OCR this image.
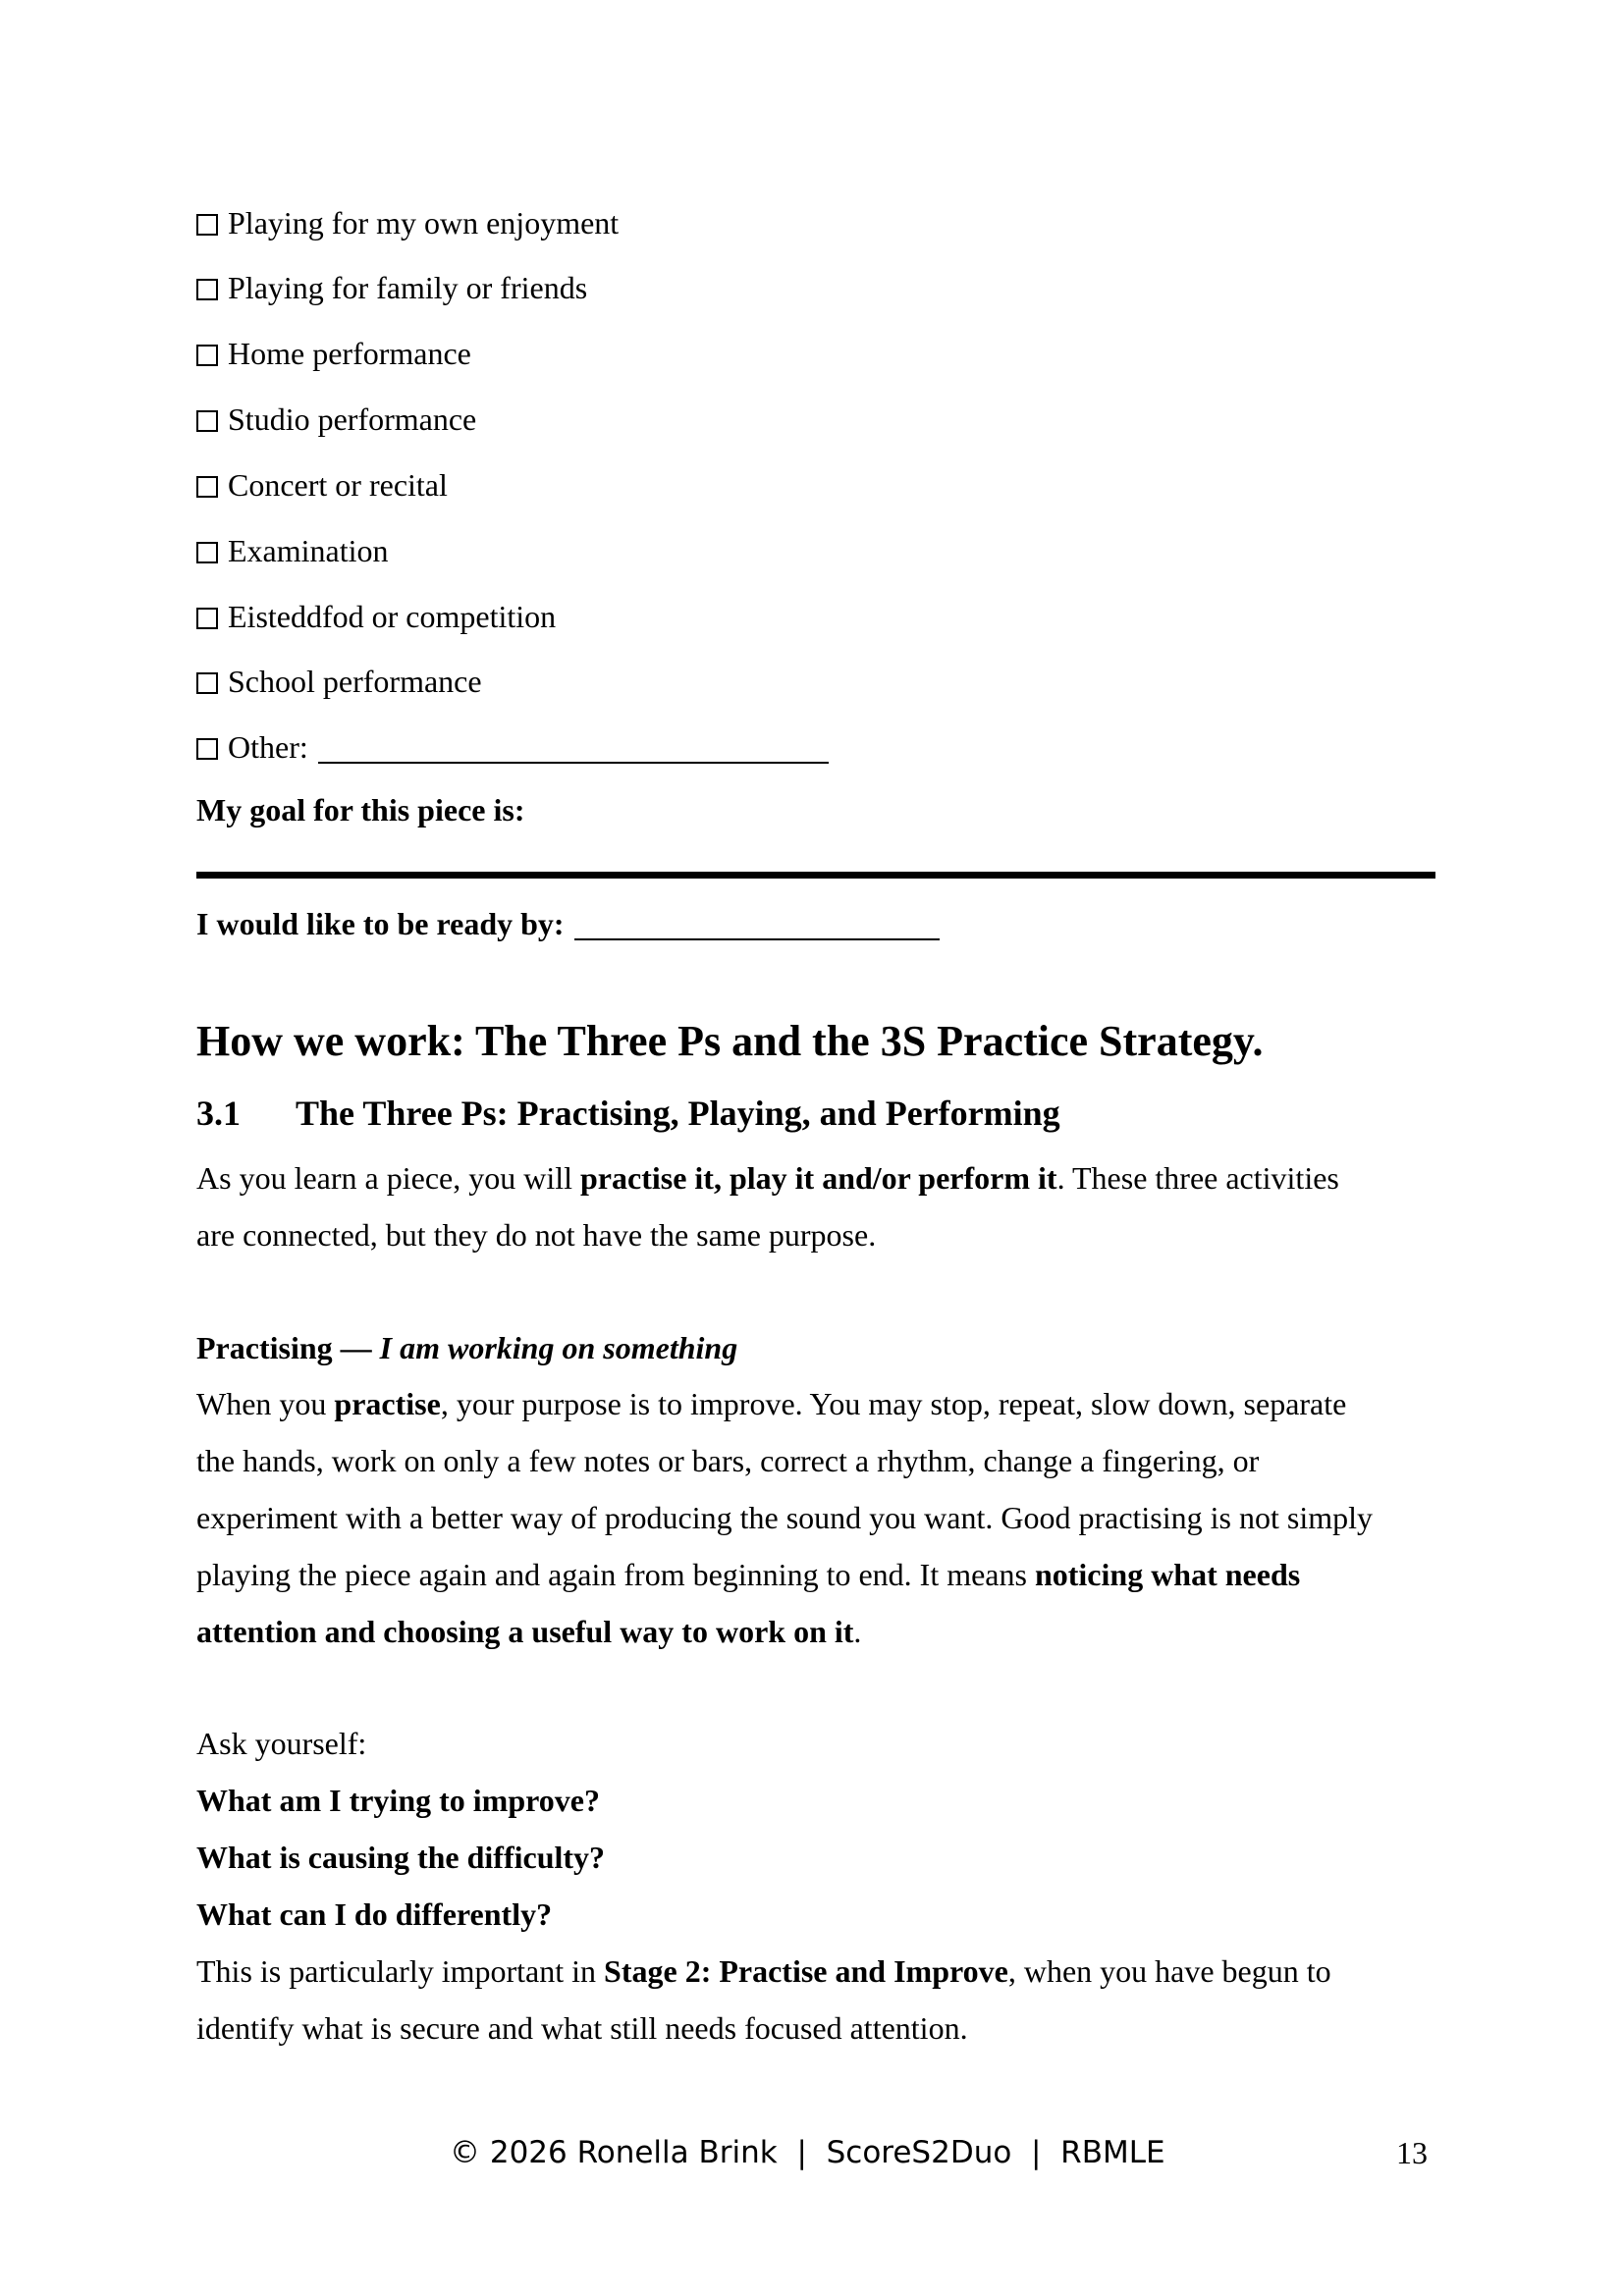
Playing for my own enjoyment
Playing for family or friends
Home performance
Studio performance
Concert or recital
Examination
Eisteddfod or competition
School performance
Other:
My goal for this piece is:
I would like to be ready by:
How we work: The Three Ps and the 3S Practice Strategy.
3.1 The Three Ps: Practising, Playing, and Performing

As you learn a piece, you will practise it, play it and/or perform it. These three activities

are connected, but they do not have the same purpose.

Practising — I am working on something

When you practise, your purpose is to improve. You may stop, repeat, slow down, separate

the hands, work on only a few notes or bars, correct a rhythm, change a fingering, or

experiment with a better way of producing the sound you want. Good practising is not simply

playing the piece again and again from beginning to end. It means noticing what needs

attention and choosing a useful way to work on it.

Ask yourself:

What am I trying to improve?

What is causing the difficulty?

What can I do differently?

This is particularly important in Stage 2: Practise and Improve, when you have begun to

identify what is secure and what still needs focused attention.

© 2026 Ronella Brink  |  ScoreS2Duo  |  RBMLE	13
